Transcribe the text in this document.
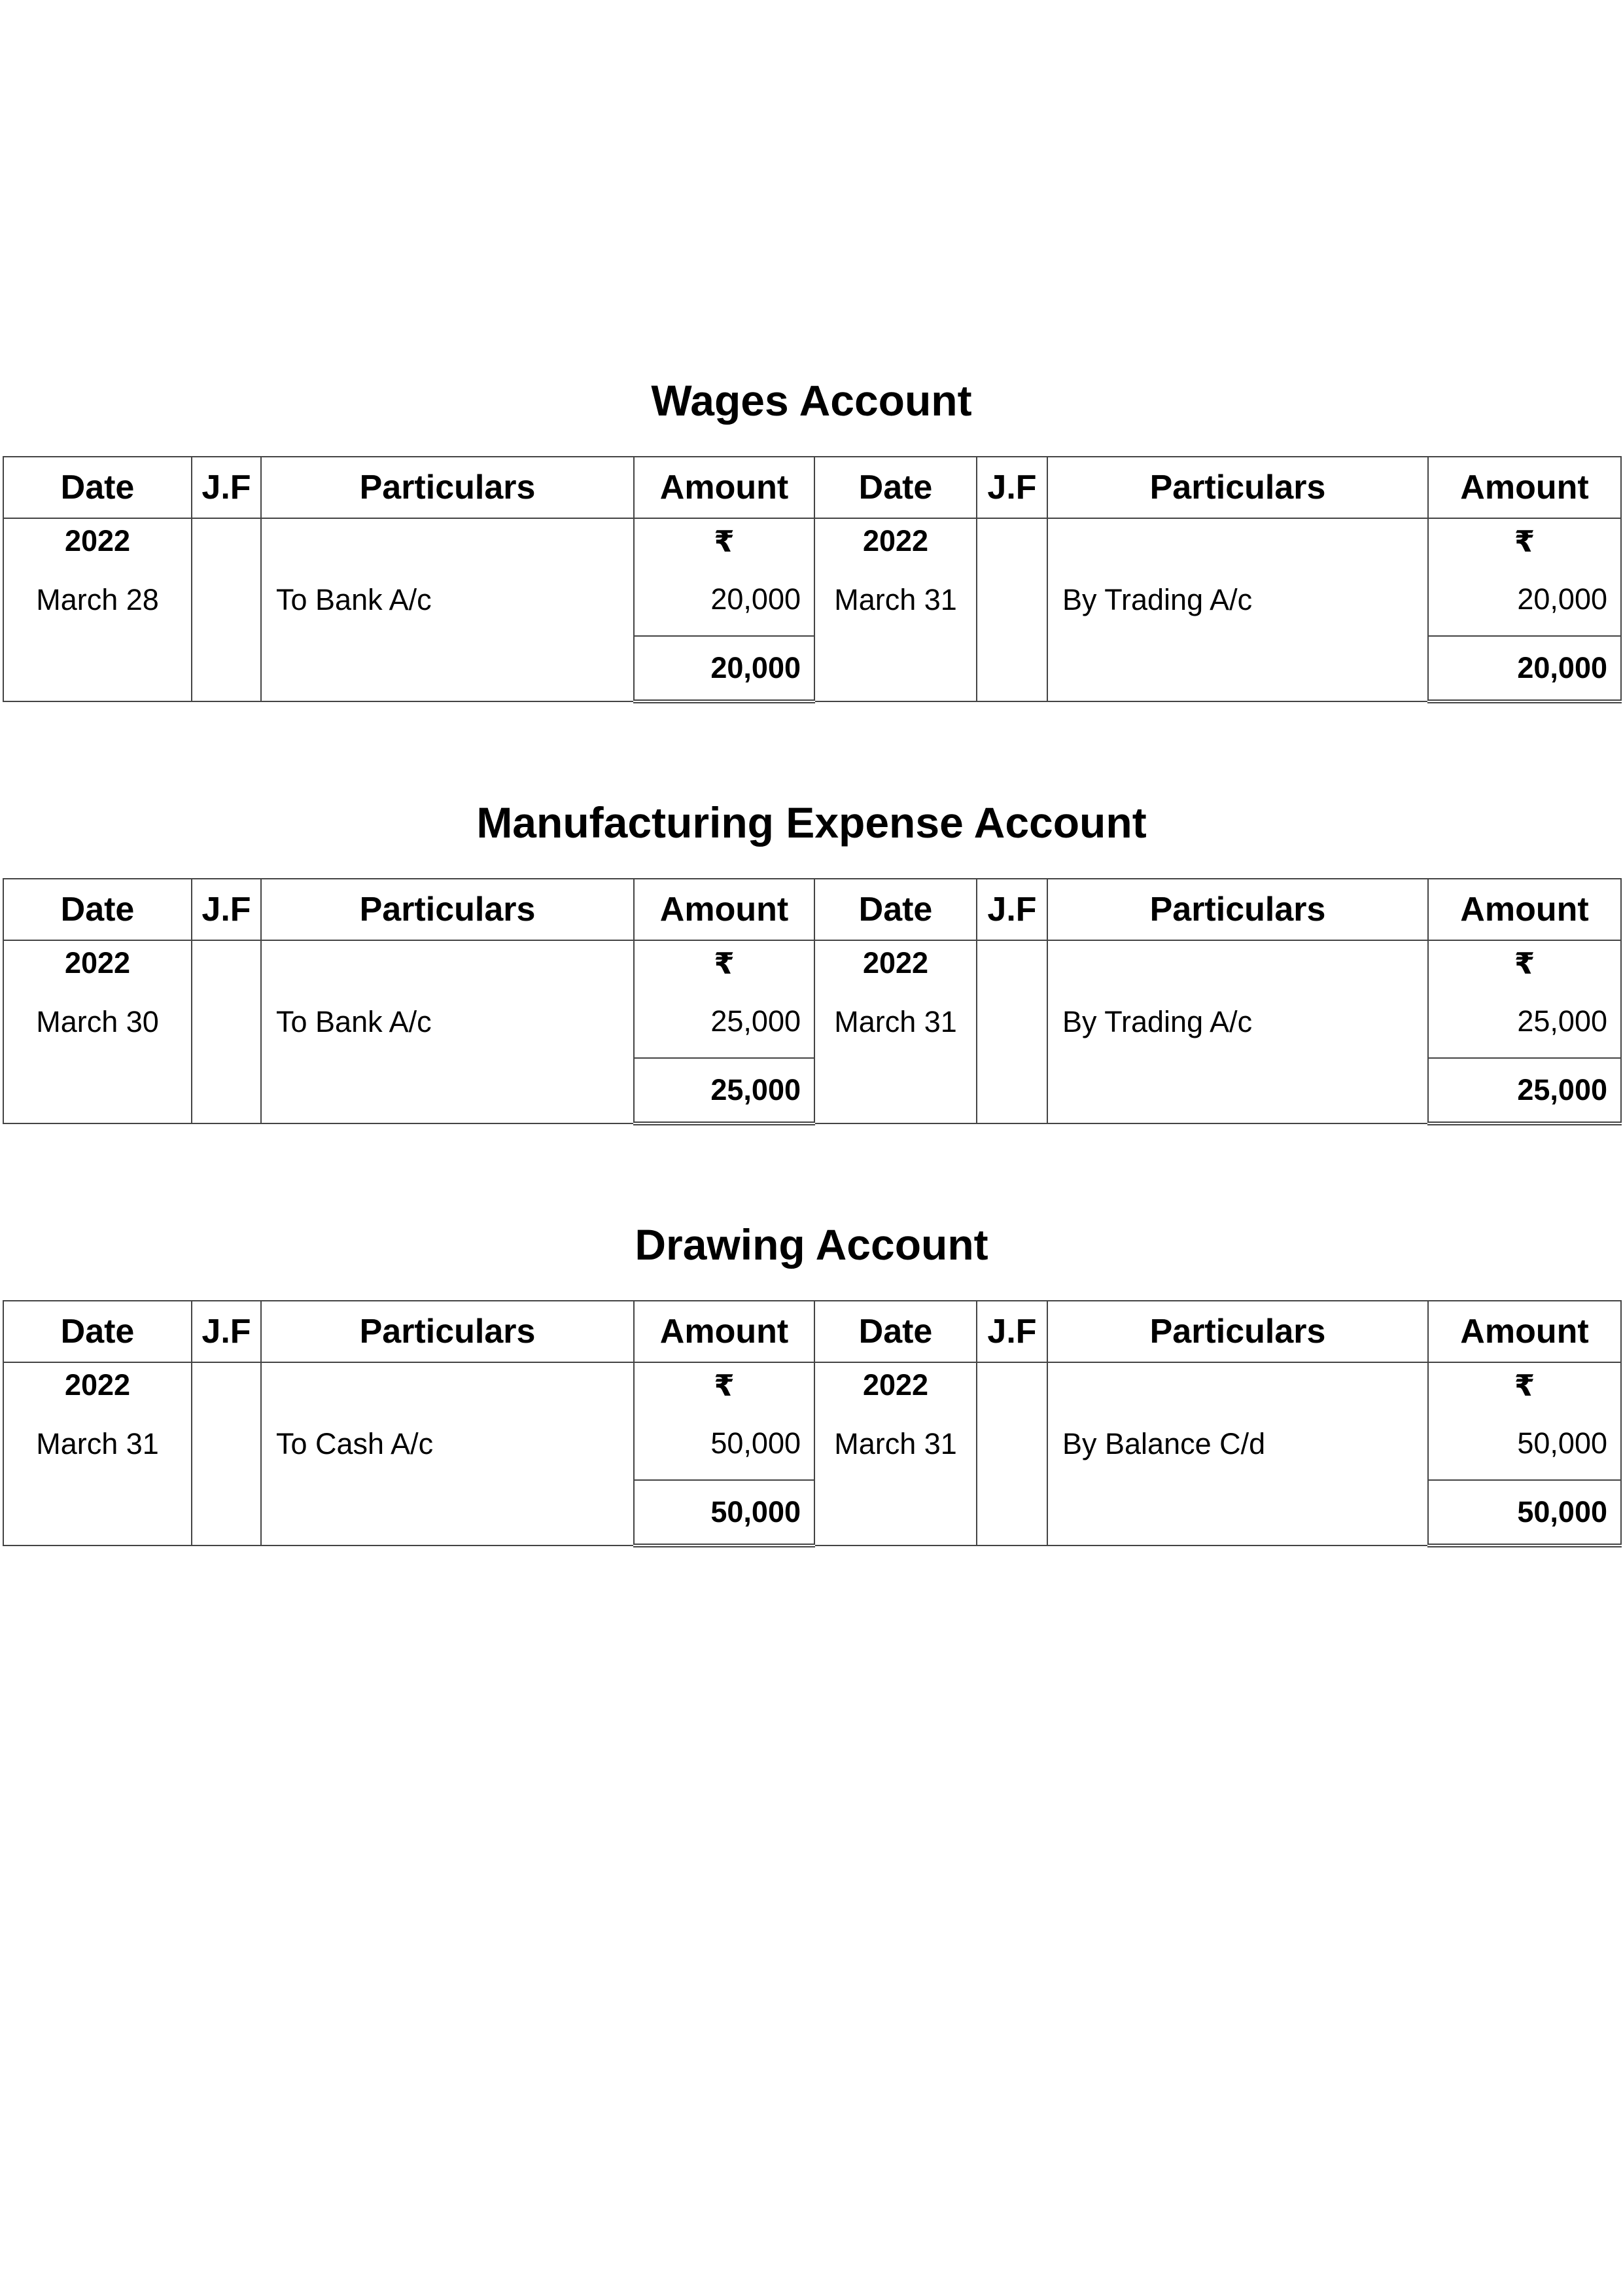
Wages Account
Date	J.F	Particulars	Amount	Date	J.F	Particulars	Amount
2022			₹	2022			₹
March 28		To Bank A/c	20,000	March 31		By Trading A/c	20,000
			20,000				20,000
Manufacturing Expense Account
Date	J.F	Particulars	Amount	Date	J.F	Particulars	Amount
2022			₹	2022			₹
March 30		To Bank A/c	25,000	March 31		By Trading A/c	25,000
			25,000				25,000
Drawing Account
Date	J.F	Particulars	Amount	Date	J.F	Particulars	Amount
2022			₹	2022			₹
March 31		To Cash A/c	50,000	March 31		By Balance C/d	50,000
			50,000				50,000
